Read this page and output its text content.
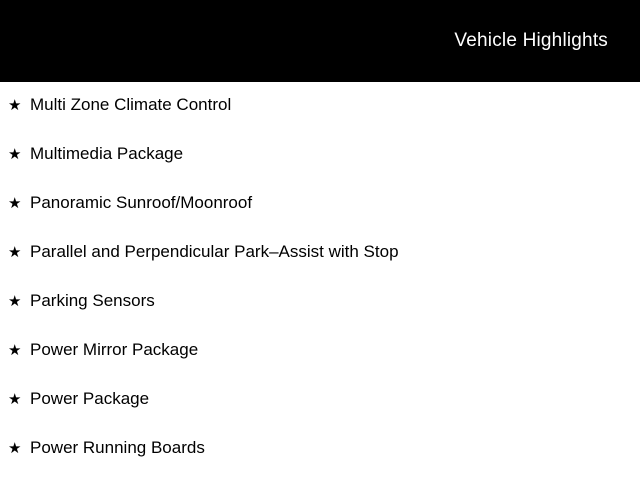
Vehicle Highlights
★ Multi Zone Climate Control
★ Multimedia Package
★ Panoramic Sunroof/Moonroof
★ Parallel and Perpendicular Park–Assist with Stop
★ Parking Sensors
★ Power Mirror Package
★ Power Package
★ Power Running Boards
